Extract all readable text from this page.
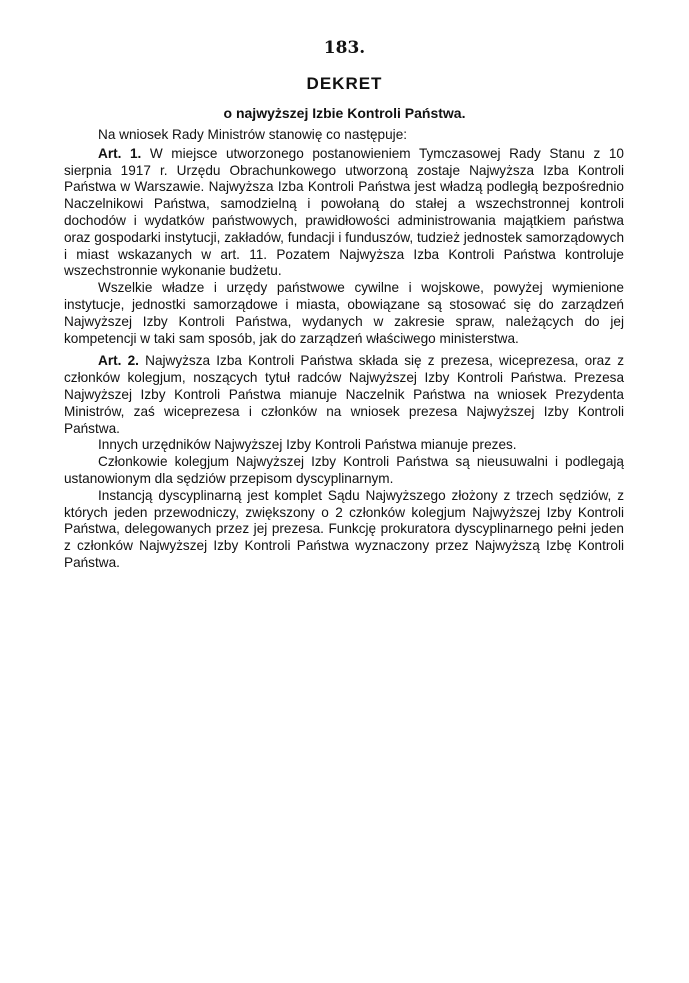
183.
DEKRET
o najwyższej Izbie Kontroli Państwa.

Na wniosek Rady Ministrów stanowię co następuje:

Art. 1. W miejsce utworzonego postanowieniem Tymczasowej Rady Stanu z 10 sierpnia 1917 r. Urzędu Obrachunkowego utworzoną zostaje Najwyższa Izba Kontroli Państwa w Warszawie. Najwyższa Izba Kontroli Państwa jest władzą podległą bezpośrednio Naczelnikowi Państwa, samodzielną i powołaną do stałej a wszechstronnej kontroli dochodów i wydatków państwowych, prawidłowości administrowania majątkiem państwa oraz gospodarki instytucji, zakładów, fundacji i funduszów, tudzież jednostek samorządowych i miast wskazanych w art. 11. Pozatem Najwyższa Izba Kontroli Państwa kontroluje wszechstronnie wykonanie budżetu.

Wszelkie władze i urzędy państwowe cywilne i wojskowe, powyżej wymienione instytucje, jednostki samorządowe i miasta, obowiązane są stosować się do zarządzeń Najwyższej Izby Kontroli Państwa, wydanych w zakresie spraw, należących do jej kompetencji w taki sam sposób, jak do zarządzeń właściwego ministerstwa.

Art. 2. Najwyższa Izba Kontroli Państwa składa się z prezesa, wiceprezesa, oraz z członków kolegjum, noszących tytuł radców Najwyższej Izby Kontroli Państwa. Prezesa Najwyższej Izby Kontroli Państwa mianuje Naczelnik Państwa na wniosek Prezydenta Ministrów, zaś wiceprezesa i członków na wniosek prezesa Najwyższej Izby Kontroli Państwa.

Innych urzędników Najwyższej Izby Kontroli Państwa mianuje prezes.

Członkowie kolegjum Najwyższej Izby Kontroli Państwa są nieusuwalni i podlegają ustanowionym dla sędziów przepisom dyscyplinarnym.

Instancją dyscyplinarną jest komplet Sądu Najwyższego złożony z trzech sędziów, z których jeden przewodniczy, zwiększony o 2 członków kolegjum Najwyższej Izby Kontroli Państwa, delegowanych przez jej prezesa. Funkcję prokuratora dyscyplinarnego pełni jeden z członków Najwyższej Izby Kontroli Państwa wyznaczony przez Najwyższą Izbę Kontroli Państwa.
